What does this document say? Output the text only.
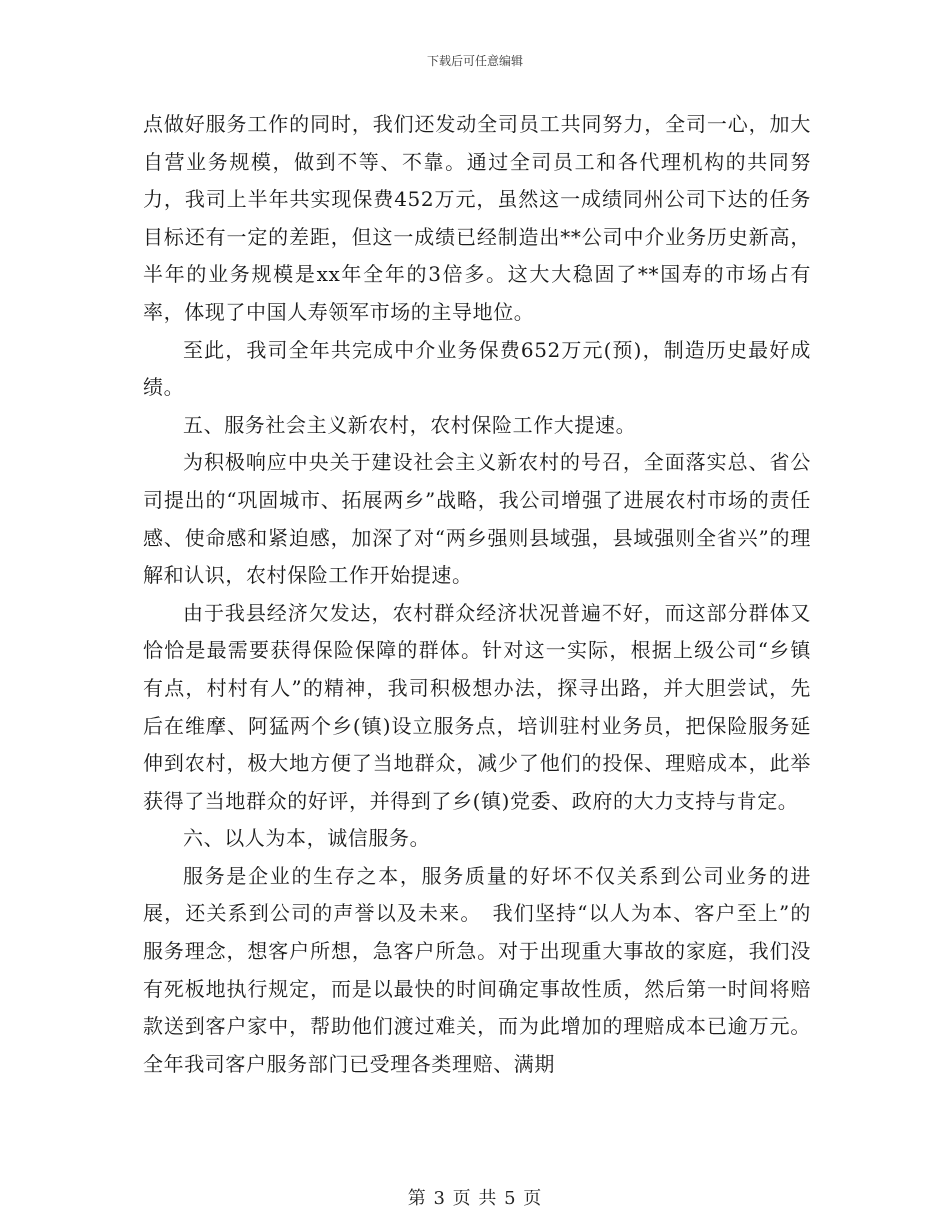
下载后可任意编辑

点做好服务工作的同时，我们还发动全司员工共同努力，全司一心，加大自营业务规模，做到不等、不靠。通过全司员工和各代理机构的共同努力，我司上半年共实现保费452万元，虽然这一成绩同州公司下达的任务目标还有一定的差距，但这一成绩已经制造出**公司中介业务历史新高，半年的业务规模是xx年全年的3倍多。这大大稳固了**国寿的市场占有率，体现了中国人寿领军市场的主导地位。

至此，我司全年共完成中介业务保费652万元(预)，制造历史最好成绩。

五、服务社会主义新农村，农村保险工作大提速。

为积极响应中央关于建设社会主义新农村的号召，全面落实总、省公司提出的“巩固城市、拓展两乡”战略，我公司增强了进展农村市场的责任感、使命感和紧迫感，加深了对“两乡强则县域强，县域强则全省兴”的理解和认识，农村保险工作开始提速。

由于我县经济欠发达，农村群众经济状况普遍不好，而这部分群体又恰恰是最需要获得保险保障的群体。针对这一实际，根据上级公司“乡镇有点，村村有人”的精神，我司积极想办法，探寻出路，并大胆尝试，先后在维摩、阿猛两个乡(镇)设立服务点，培训驻村业务员，把保险服务延伸到农村，极大地方便了当地群众，减少了他们的投保、理赔成本，此举获得了当地群众的好评，并得到了乡(镇)党委、政府的大力支持与肯定。

六、以人为本，诚信服务。

服务是企业的生存之本，服务质量的好坏不仅关系到公司业务的进展，还关系到公司的声誉以及未来。　我们坚持“以人为本、客户至上”的服务理念，想客户所想，急客户所急。对于出现重大事故的家庭，我们没有死板地执行规定，而是以最快的时间确定事故性质，然后第一时间将赔款送到客户家中，帮助他们渡过难关，而为此增加的理赔成本已逾万元。全年我司客户服务部门已受理各类理赔、满期

第 3 页 共 5 页
